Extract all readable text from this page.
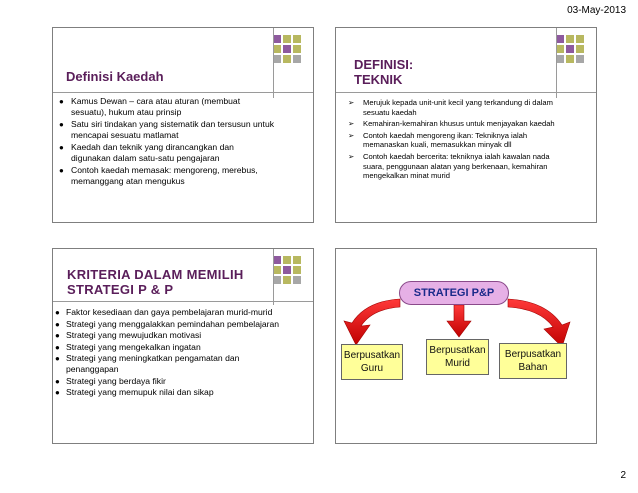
03-May-2013
Definisi Kaedah
● Kamus Dewan – cara atau aturan (membuat sesuatu), hukum atau prinsip
● Satu siri tindakan yang sistematik dan tersusun untuk mencapai sesuatu matlamat
● Kaedah dan teknik yang dirancangkan dan digunakan dalam satu-satu pengajaran
● Contoh kaedah memasak: mengoreng, merebus, memanggang atan mengukus
DEFINISI:
TEKNIK
➢ Merujuk kepada unit-unit kecil yang terkandung di dalam sesuatu kaedah
➢ Kemahiran-kemahiran khusus untuk menjayakan kaedah
➢ Contoh kaedah mengoreng ikan: Tekniknya ialah memanaskan kuali, memasukkan minyak dll
➢ Contoh kaedah bercerita: tekniknya ialah kawalan nada suara, penggunaan alatan yang berkenaan, kemahiran mengekalkan minat murid
KRITERIA DALAM MEMILIH
STRATEGI P & P
● Faktor kesediaan dan gaya pembelajaran murid-murid
● Strategi yang menggalakkan pemindahan pembelajaran
● Strategi yang mewujudkan motivasi
● Strategi yang mengekalkan ingatan
● Strategi yang meningkatkan pengamatan dan penanggapan
● Strategi yang berdaya fikir
● Strategi yang memupuk nilai dan sikap
STRATEGI P&P
Berpusatkan Guru
Berpusatkan Murid
Berpusatkan Bahan
2
